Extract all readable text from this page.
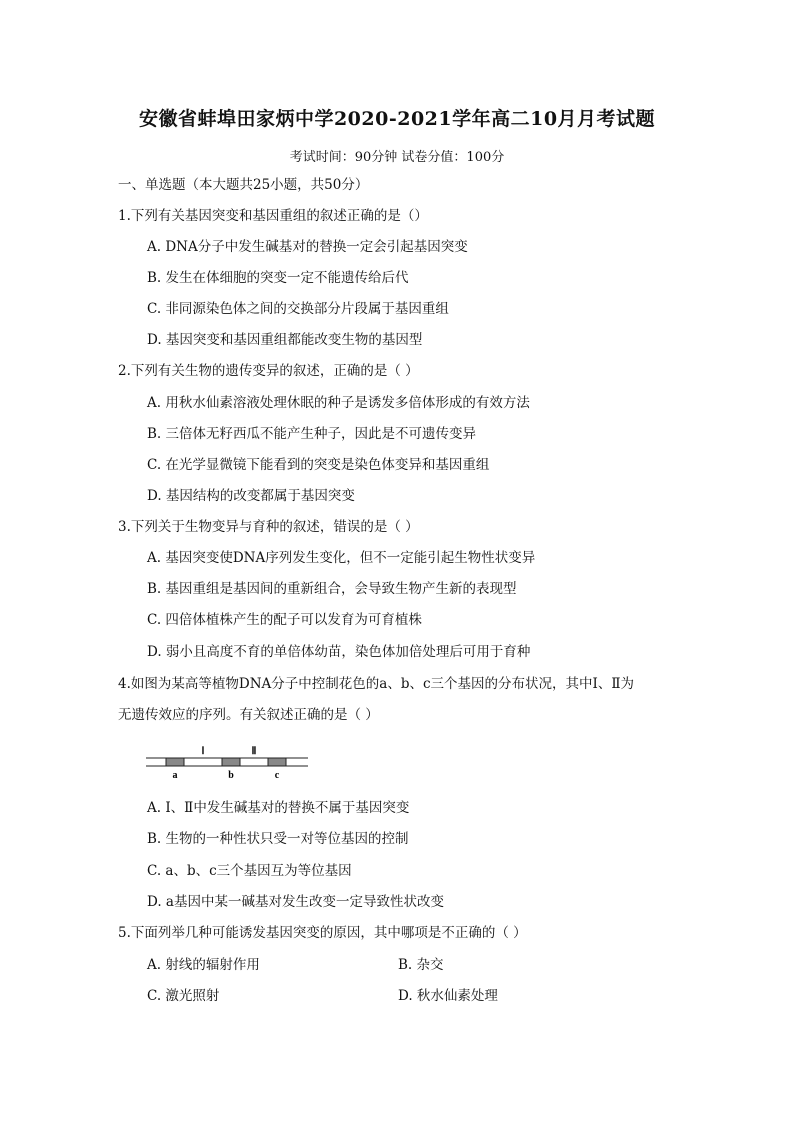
安徽省蚌埠田家炳中学2020-2021学年高二10月月考试题
考试时间：90分钟 试卷分值：100分
一、单选题（本大题共25小题，共50分）
1.下列有关基因突变和基因重组的叙述正确的是（）
A. DNA分子中发生碱基对的替换一定会引起基因突变
B. 发生在体细胞的突变一定不能遗传给后代
C. 非同源染色体之间的交换部分片段属于基因重组
D. 基因突变和基因重组都能改变生物的基因型
2.下列有关生物的遗传变异的叙述，正确的是（ ）
A. 用秋水仙素溶液处理休眠的种子是诱发多倍体形成的有效方法
B. 三倍体无籽西瓜不能产生种子，因此是不可遗传变异
C. 在光学显微镜下能看到的突变是染色体变异和基因重组
D. 基因结构的改变都属于基因突变
3.下列关于生物变异与育种的叙述，错误的是（ ）
A. 基因突变使DNA序列发生变化，但不一定能引起生物性状变异
B. 基因重组是基因间的重新组合，会导致生物产生新的表现型
C. 四倍体植株产生的配子可以发育为可育植株
D. 弱小且高度不育的单倍体幼苗，染色体加倍处理后可用于育种
4.如图为某高等植物DNA分子中控制花色的a、b、c三个基因的分布状况，其中Ⅰ、Ⅱ为
无遗传效应的序列。有关叙述正确的是（ ）
Ⅰ	Ⅱ
a	b	c
A. Ⅰ、Ⅱ中发生碱基对的替换不属于基因突变
B. 生物的一种性状只受一对等位基因的控制
C. a、b、c三个基因互为等位基因
D. a基因中某一碱基对发生改变一定导致性状改变
5.下面列举几种可能诱发基因突变的原因，其中哪项是不正确的（ ）
A. 射线的辐射作用	B. 杂交
C. 激光照射	D. 秋水仙素处理
